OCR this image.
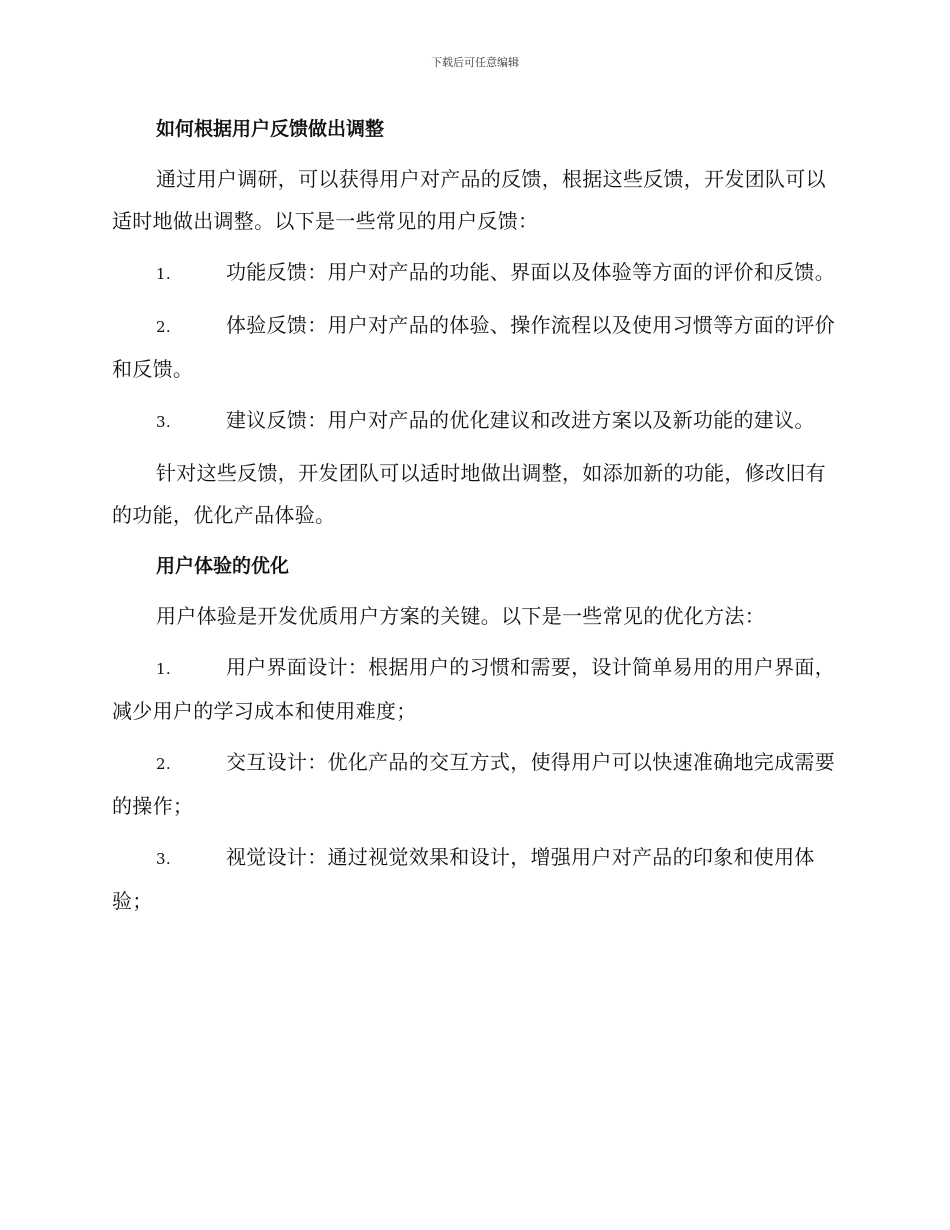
下载后可任意编辑
如何根据用户反馈做出调整
通过用户调研，可以获得用户对产品的反馈，根据这些反馈，开发团队可以适时地做出调整。以下是一些常见的用户反馈：
1.	功能反馈：用户对产品的功能、界面以及体验等方面的评价和反馈。
2.	体验反馈：用户对产品的体验、操作流程以及使用习惯等方面的评价和反馈。
3.	建议反馈：用户对产品的优化建议和改进方案以及新功能的建议。
针对这些反馈，开发团队可以适时地做出调整，如添加新的功能，修改旧有的功能，优化产品体验。
用户体验的优化
用户体验是开发优质用户方案的关键。以下是一些常见的优化方法：
1.	用户界面设计：根据用户的习惯和需要，设计简单易用的用户界面，减少用户的学习成本和使用难度；
2.	交互设计：优化产品的交互方式，使得用户可以快速准确地完成需要的操作；
3.	视觉设计：通过视觉效果和设计，增强用户对产品的印象和使用体验；
